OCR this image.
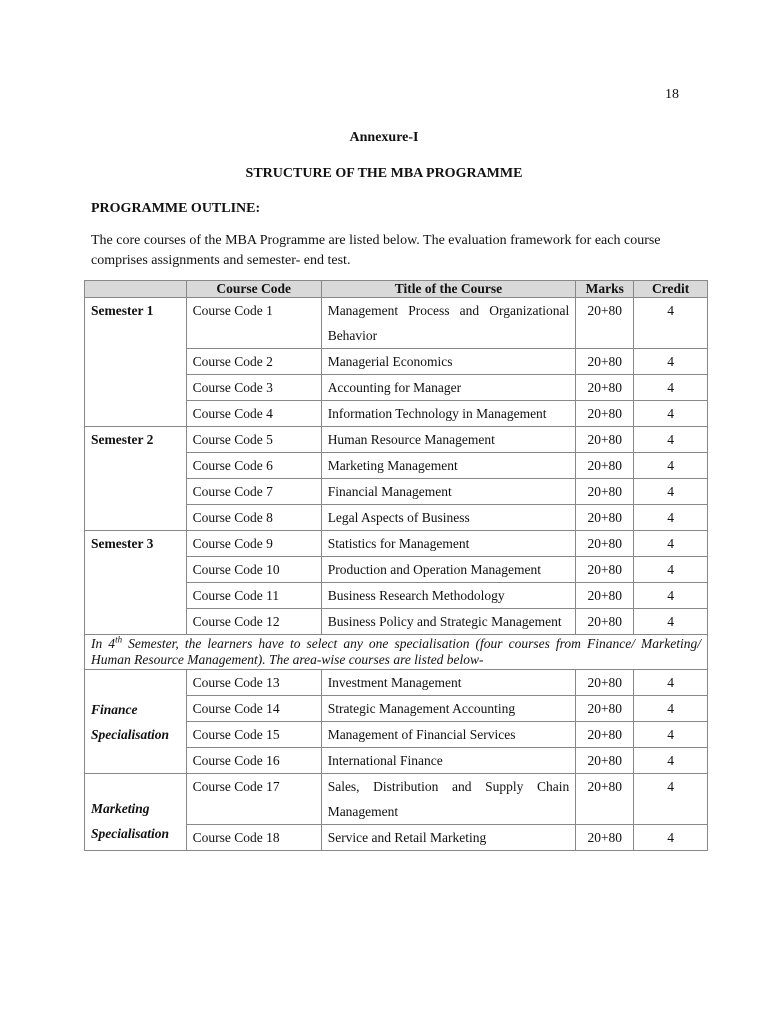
18
Annexure-I
STRUCTURE OF THE MBA PROGRAMME
PROGRAMME OUTLINE:
The core courses of the MBA Programme are listed below. The evaluation framework for each course comprises assignments and semester- end test.
	Course Code	Title of the Course	Marks	Credit
Semester 1	Course Code 1	Management Process and Organizational Behavior	20+80	4
	Course Code 2	Managerial Economics	20+80	4
	Course Code 3	Accounting for Manager	20+80	4
	Course Code 4	Information Technology in Management	20+80	4
Semester 2	Course Code 5	Human Resource Management	20+80	4
	Course Code 6	Marketing Management	20+80	4
	Course Code 7	Financial Management	20+80	4
	Course Code 8	Legal Aspects of Business	20+80	4
Semester 3	Course Code 9	Statistics for Management	20+80	4
	Course Code 10	Production and Operation Management	20+80	4
	Course Code 11	Business Research Methodology	20+80	4
	Course Code 12	Business Policy and Strategic Management	20+80	4
In 4th Semester, the learners have to select any one specialisation (four courses from Finance/ Marketing/ Human Resource Management). The area-wise courses are listed below-				
Finance Specialisation	Course Code 13	Investment Management	20+80	4
	Course Code 14	Strategic Management Accounting	20+80	4
	Course Code 15	Management of Financial Services	20+80	4
	Course Code 16	International Finance	20+80	4
Marketing Specialisation	Course Code 17	Sales, Distribution and Supply Chain Management	20+80	4
	Course Code 18	Service and Retail Marketing	20+80	4
